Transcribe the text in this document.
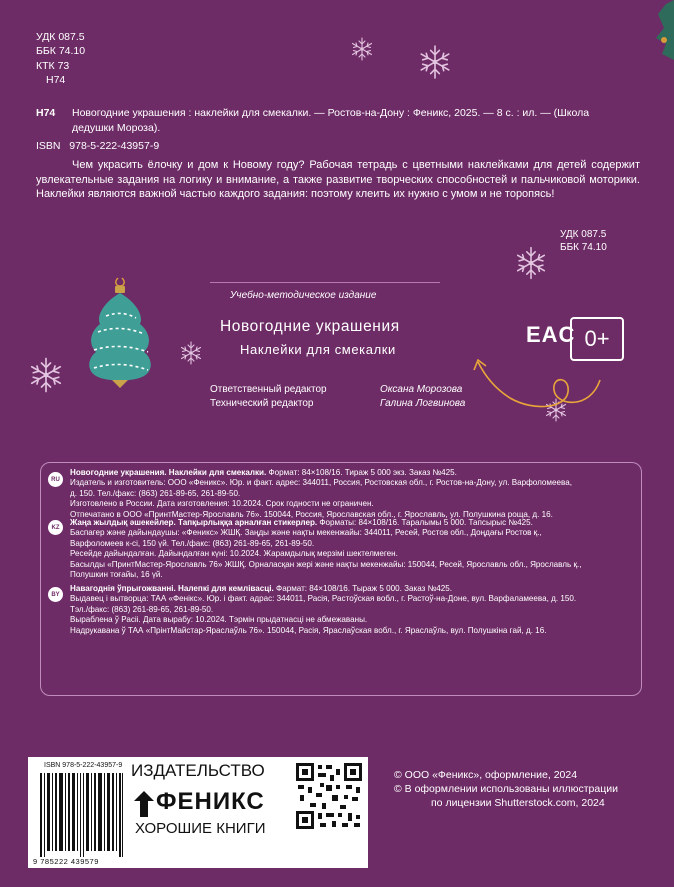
УДК 087.5
ББК 74.10
КТК 73
Н74
Н74 Новогодние украшения : наклейки для смекалки. — Ростов-на-Дону : Феникс, 2025. — 8 с. : ил. — (Школа
дедушки Мороза).
ISBN   978-5-222-43957-9
Чем украсить ёлочку и дом к Новому году? Рабочая тетрадь с цветными наклейками для детей содержит увлекательные задания на логику и внимание, а также развитие творческих способностей и пальчиковой моторики. Наклейки являются важной частью каждого задания: поэтому клеить их нужно с умом и не торопясь!
УДК 087.5
ББК 74.10
Учебно-методическое издание
Новогодние украшения
Наклейки для смекалки
Ответственный редактор
Технический редактор
Оксана Морозова
Галина Логвинова
EAC 0+
RU
Новогодние украшения. Наклейки для смекалки. Формат: 84×108/16. Тираж 5 000 экз. Заказ №425.
Издатель и изготовитель: ООО «Феникс». Юр. и факт. адрес: 344011, Россия, Ростовская обл., г. Ростов-на-Дону, ул. Варфоломеева,
д. 150. Тел./факс: (863) 261-89-65, 261-89-50.
Изготовлено в России. Дата изготовления: 10.2024. Срок годности не ограничен.
Отпечатано в ООО «ПринтМастер-Ярославль 76». 150044, Россия, Ярославская обл., г. Ярославль, ул. Полушкина роща, д. 16.
KZ
Жаңа жылдық әшекейлер. Тапқырлыққа арналған стикерлер. Форматы: 84×108/16. Таралымы 5 000. Тапсырыс №425.
Баспагер және дайындаушы: «Феникс» ЖШҚ. Заңды және нақты мекенжайы: 344011, Ресей, Ростов обл., Доңдағы Ростов қ.,
Варфоломеев к-сі, 150 үй. Тел./факс: (863) 261-89-65, 261-89-50.
Ресейде дайындалған. Дайындалған күні: 10.2024. Жарамдылық мерзімі шектелмеген.
Басылды «ПринтМастер-Ярославль 76» ЖШҚ. Орналасқан жері және нақты мекенжайы: 150044, Ресей, Ярославль обл., Ярославль қ.,
Полушкин тоғайы, 16 үй.
BY
Навагоднія ўпрыгожванні. Налепкі для кемлівасці. Фармат: 84×108/16. Тыраж 5 000. Заказ №425.
Выдавец і вытворца: ТАА «Фенікс». Юр. і факт. адрас: 344011, Расія, Растоўская вобл., г. Растоў-на-Доне, вул. Варфаламеева, д. 150.
Тэл./факс: (863) 261-89-65, 261-89-50.
Выраблена ў Расіі. Дата вырабу: 10.2024. Тэрмін прыдатнасці не абмежаваны.
Надрукавана ў ТАА «ПрінтМайстар-Яраслаўль 76». 150044, Расія, Яраслаўская вобл., г. Яраслаўль, вул. Полушкіна гай, д. 16.
ISBN 978-5-222-43957-9
9 785222 439579
ИЗДАТЕЛЬСТВО
ФЕНИКС
ХОРОШИЕ КНИГИ
© ООО «Феникс», оформление, 2024
© В оформлении использованы иллюстрации
по лицензии Shutterstock.com, 2024
